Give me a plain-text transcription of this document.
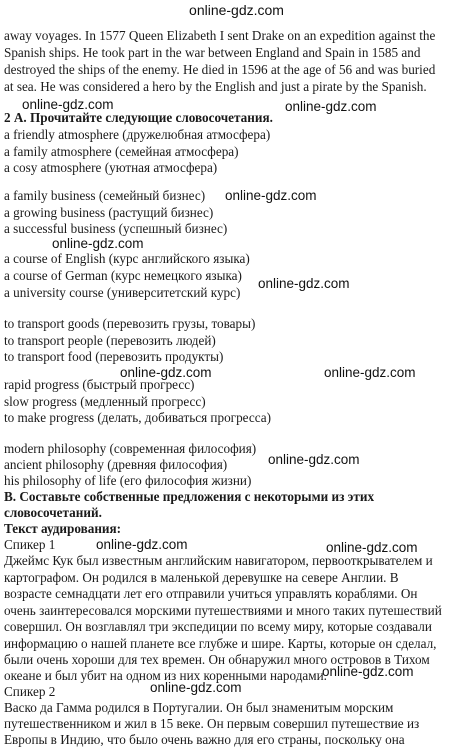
online-gdz.com
away voyages. In 1577 Queen Elizabeth I sent Drake on an expedition against the
Spanish ships. He took part in the war between England and Spain in 1585 and
destroyed the ships of the enemy. He died in 1596 at the age of 56 and was buried
at sea. He was considered a hero by the English and just a pirate by the Spanish.
2 А. Прочитайте следующие словосочетания.
a friendly atmosphere (дружелюбная атмосфера)
a family atmosphere (семейная атмосфера)
a cosy atmosphere (уютная атмосфера)
a family business (семейный бизнес)
a growing business (растущий бизнес)
a successful business (успешный бизнес)
a course of English (курс английского языка)
a course of German (курс немецкого языка)
a university course (университетский курс)
to transport goods (перевозить грузы, товары)
to transport people (перевозить людей)
to transport food (перевозить продукты)
rapid progress (быстрый прогресс)
slow progress (медленный прогресс)
to make progress (делать, добиваться прогресса)
modern philosophy (современная философия)
ancient philosophy (древняя философия)
his philosophy of life (его философия жизни)
В. Составьте собственные предложения с некоторыми из этих
словосочетаний.
Текст аудирования:
Спикер 1
Джеймс Кук был известным английским навигатором, первооткрывателем и
картографом. Он родился в маленькой деревушке на севере Англии. В
возрасте семнадцати лет его отправили учиться управлять кораблями. Он
очень заинтересовался морскими путешествиями и много таких путешествий
совершил. Он возглавлял три экспедиции по всему миру, которые создавали
информацию о нашей планете все глубже и шире. Карты, которые он сделал,
были очень хороши для тех времен. Он обнаружил много островов в Тихом
океане и был убит на одном из них коренными народами.
Спикер 2
Васко да Гамма родился в Португалии. Он был знаменитым морским
путешественником и жил в 15 веке. Он первым совершил путешествие из
Европы в Индию, что было очень важно для его страны, поскольку она
online-gdz.com	online-gdz.com
online-gdz.com
online-gdz.com
online-gdz.com
online-gdz.com	online-gdz.com
online-gdz.com
online-gdz.com	online-gdz.com
online-gdz.com
online-gdz.com
